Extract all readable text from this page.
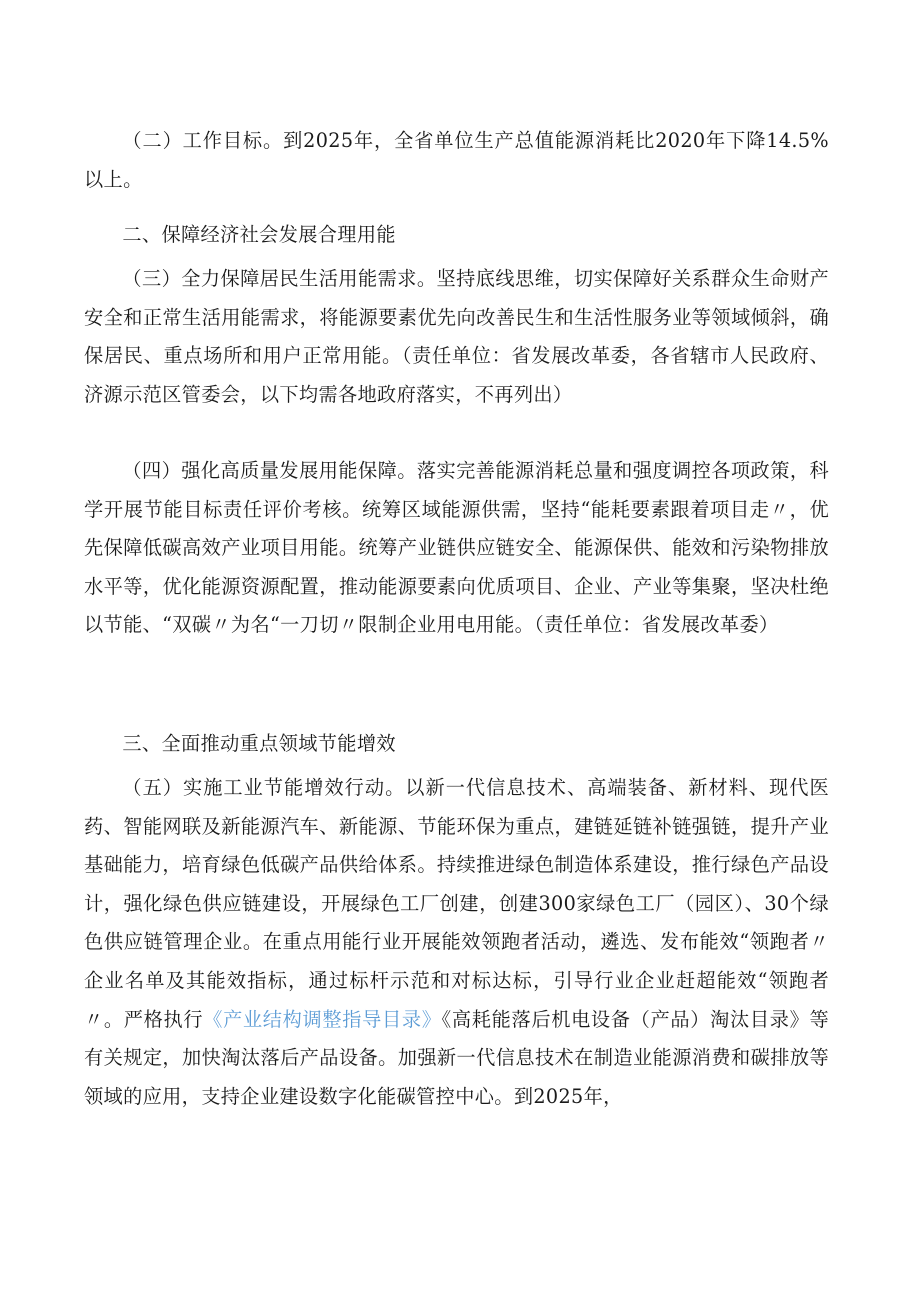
（二）工作目标。到2025年，全省单位生产总值能源消耗比2020年下降14.5%以上。

二、保障经济社会发展合理用能

（三）全力保障居民生活用能需求。坚持底线思维，切实保障好关系群众生命财产安全和正常生活用能需求，将能源要素优先向改善民生和生活性服务业等领域倾斜，确保居民、重点场所和用户正常用能。（责任单位：省发展改革委，各省辖市人民政府、济源示范区管委会，以下均需各地政府落实，不再列出）

（四）强化高质量发展用能保障。落实完善能源消耗总量和强度调控各项政策，科学开展节能目标责任评价考核。统筹区域能源供需，坚持“能耗要素跟着项目走〃，优先保障低碳高效产业项目用能。统筹产业链供应链安全、能源保供、能效和污染物排放水平等，优化能源资源配置，推动能源要素向优质项目、企业、产业等集聚，坚决杜绝以节能、“双碳〃为名“一刀切〃限制企业用电用能。（责任单位：省发展改革委）

三、全面推动重点领域节能增效

（五）实施工业节能增效行动。以新一代信息技术、高端装备、新材料、现代医药、智能网联及新能源汽车、新能源、节能环保为重点，建链延链补链强链，提升产业基础能力，培育绿色低碳产品供给体系。持续推进绿色制造体系建设，推行绿色产品设计，强化绿色供应链建设，开展绿色工厂创建，创建300家绿色工厂（园区）、30个绿色供应链管理企业。在重点用能行业开展能效领跑者活动，遴选、发布能效“领跑者〃企业名单及其能效指标，通过标杆示范和对标达标，引导行业企业赶超能效“领跑者〃。严格执行《产业结构调整指导目录》《高耗能落后机电设备（产品）淘汰目录》等有关规定，加快淘汰落后产品设备。加强新一代信息技术在制造业能源消费和碳排放等领域的应用，支持企业建设数字化能碳管控中心。到2025年，
